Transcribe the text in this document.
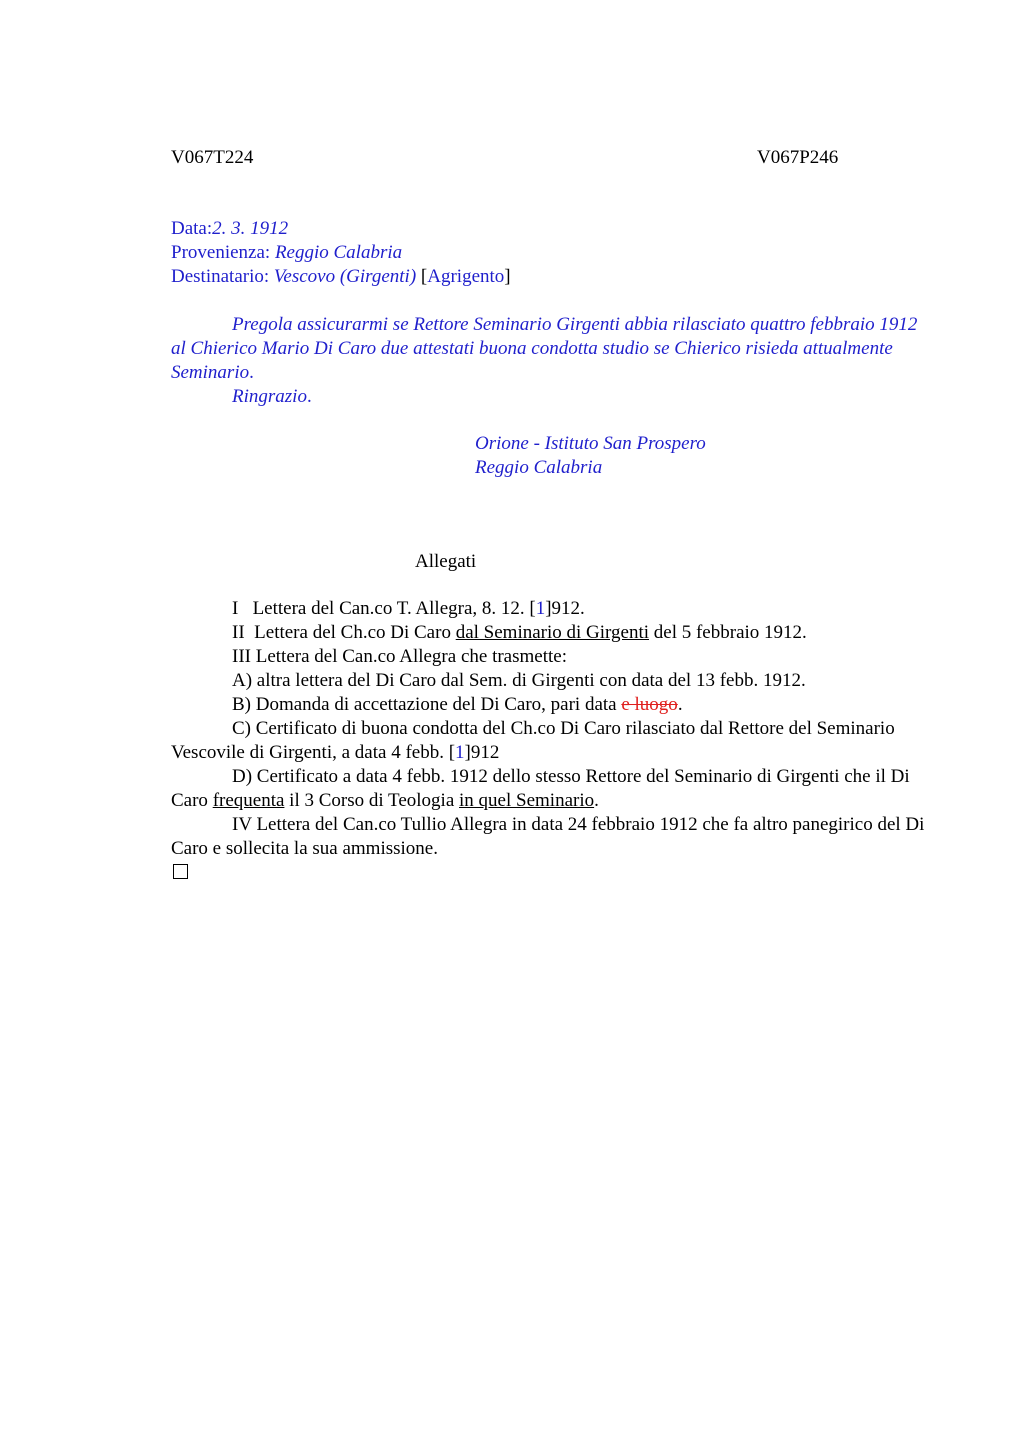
V067T224	V067P246
Data:2. 3. 1912
Provenienza: Reggio Calabria
Destinatario: Vescovo (Girgenti) [Agrigento]

Pregola assicurarmi se Rettore Seminario Girgenti abbia rilasciato quattro febbraio 1912 al Chierico Mario Di Caro due attestati buona condotta studio se Chierico risieda attualmente Seminario.

Ringrazio.

Orione - Istituto San Prospero
Reggio Calabria
Allegati

I   Lettera del Can.co T. Allegra, 8. 12. [1]912.

II  Lettera del Ch.co Di Caro dal Seminario di Girgenti del 5 febbraio 1912.

III Lettera del Can.co Allegra che trasmette:

A) altra lettera del Di Caro dal Sem. di Girgenti con data del 13 febb. 1912.

B) Domanda di accettazione del Di Caro, pari data e luogo.

C) Certificato di buona condotta del Ch.co Di Caro rilasciato dal Rettore del Seminario Vescovile di Girgenti, a data 4 febb. [1]912

D) Certificato a data 4 febb. 1912 dello stesso Rettore del Seminario di Girgenti che il Di Caro frequenta il 3 Corso di Teologia in quel Seminario.

IV Lettera del Can.co Tullio Allegra in data 24 febbraio 1912 che fa altro panegirico del Di Caro e sollecita la sua ammissione.
